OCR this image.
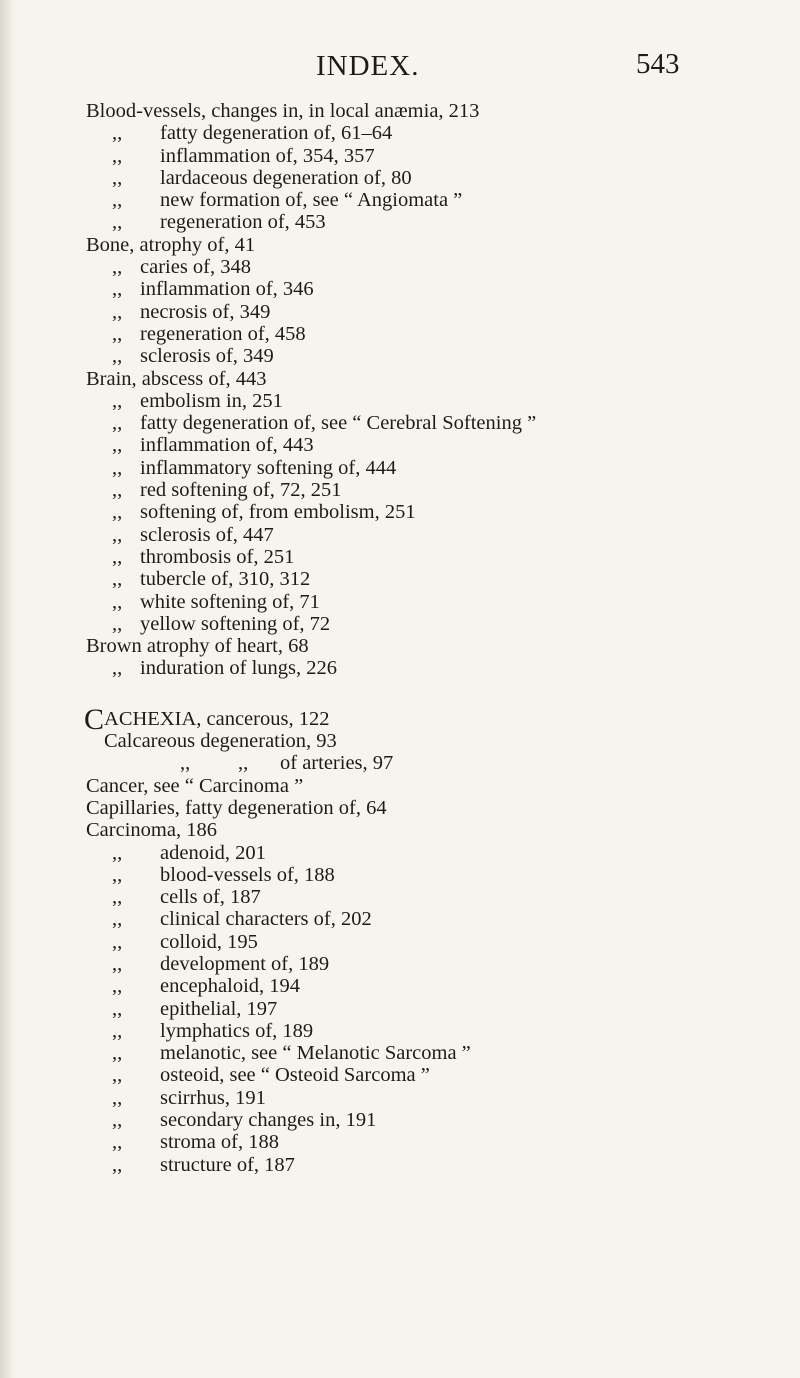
INDEX.	543
Blood-vessels, changes in, in local anæmia, 213
,, fatty degeneration of, 61–64
,, inflammation of, 354, 357
,, lardaceous degeneration of, 80
,, new formation of, see “ Angiomata ”
,, regeneration of, 453
Bone, atrophy of, 41
,, caries of, 348
,, inflammation of, 346
,, necrosis of, 349
,, regeneration of, 458
,, sclerosis of, 349
Brain, abscess of, 443
,, embolism in, 251
,, fatty degeneration of, see “ Cerebral Softening ”
,, inflammation of, 443
,, inflammatory softening of, 444
,, red softening of, 72, 251
,, softening of, from embolism, 251
,, sclerosis of, 447
,, thrombosis of, 251
,, tubercle of, 310, 312
,, white softening of, 71
,, yellow softening of, 72
Brown atrophy of heart, 68
,, induration of lungs, 226
CACHEXIA, cancerous, 122
Calcareous degeneration, 93
,, ,, of arteries, 97
Cancer, see “ Carcinoma ”
Capillaries, fatty degeneration of, 64
Carcinoma, 186
,, adenoid, 201
,, blood-vessels of, 188
,, cells of, 187
,, clinical characters of, 202
,, colloid, 195
,, development of, 189
,, encephaloid, 194
,, epithelial, 197
,, lymphatics of, 189
,, melanotic, see “ Melanotic Sarcoma ”
,, osteoid, see “ Osteoid Sarcoma ”
,, scirrhus, 191
,, secondary changes in, 191
,, stroma of, 188
,, structure of, 187
